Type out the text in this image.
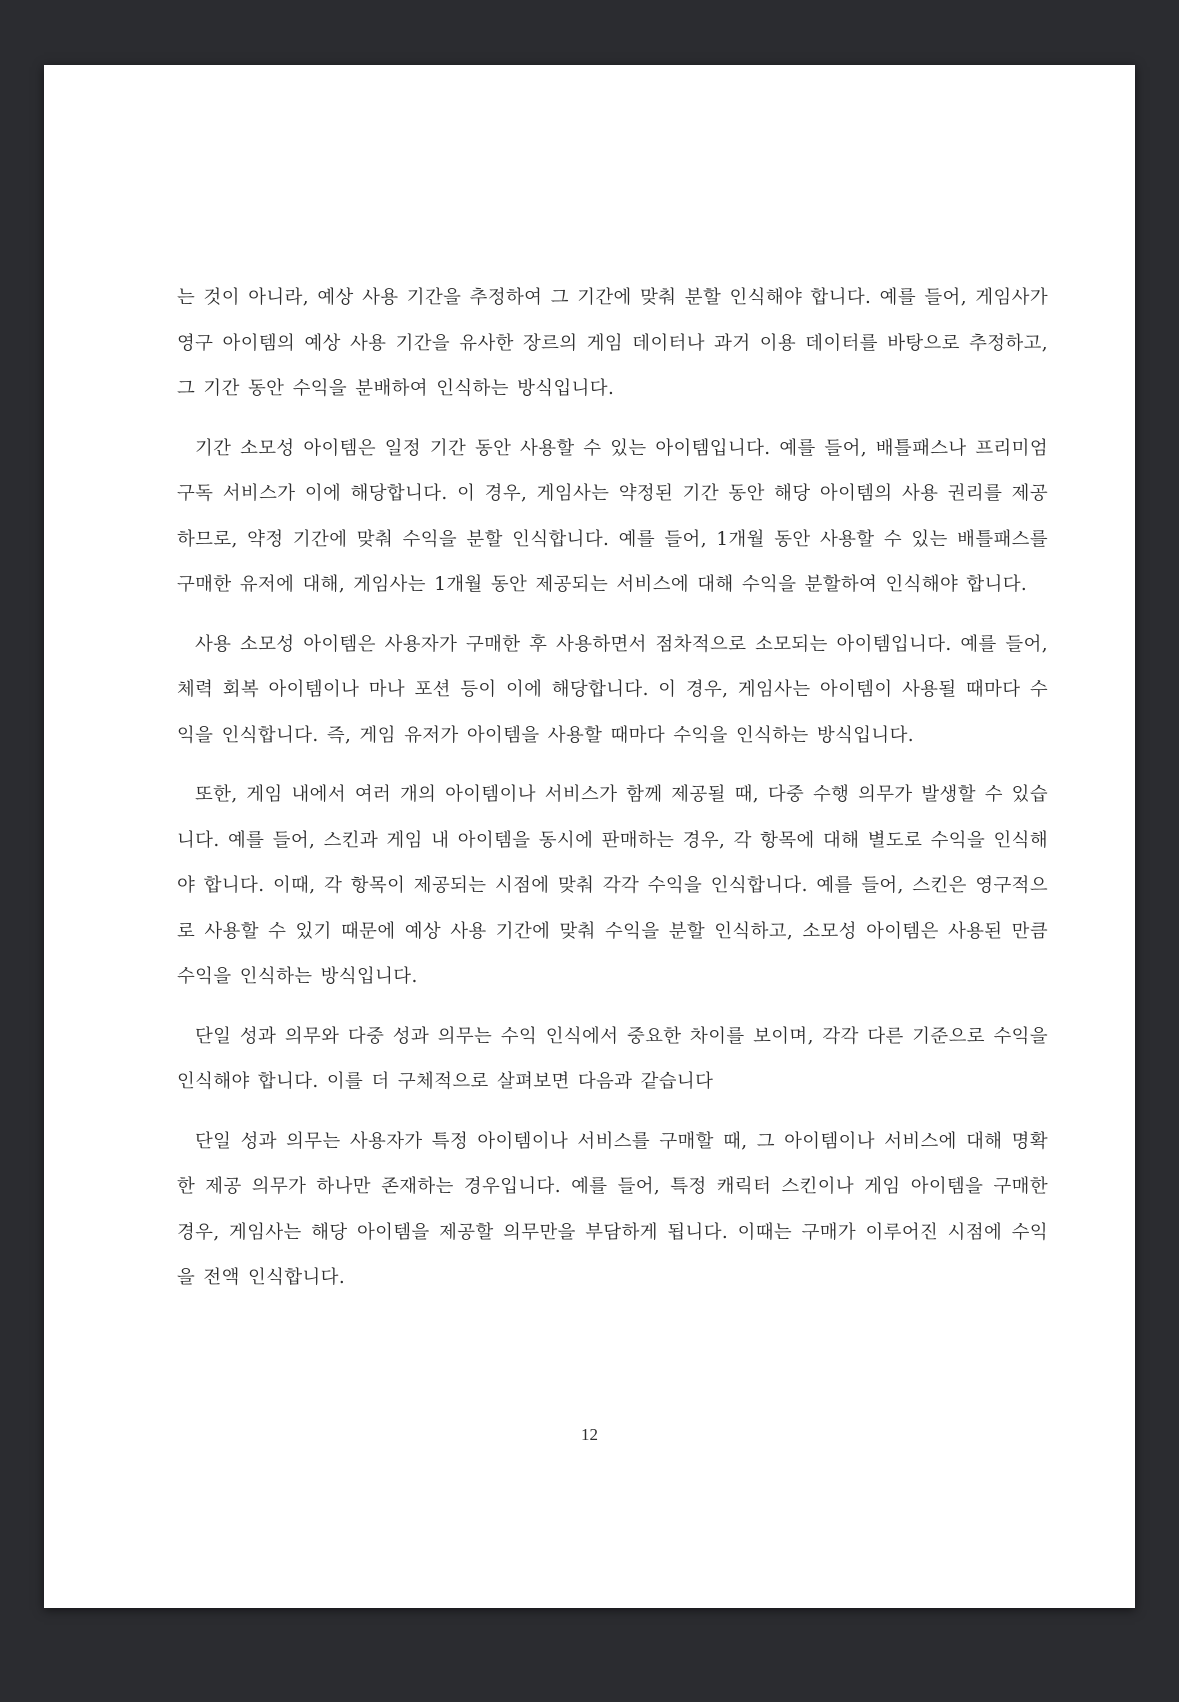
는 것이 아니라, 예상 사용 기간을 추정하여 그 기간에 맞춰 분할 인식해야 합니다. 예를 들어, 게임사가 영구 아이템의 예상 사용 기간을 유사한 장르의 게임 데이터나 과거 이용 데이터를 바탕으로 추정하고, 그 기간 동안 수익을 분배하여 인식하는 방식입니다.

기간 소모성 아이템은 일정 기간 동안 사용할 수 있는 아이템입니다. 예를 들어, 배틀패스나 프리미엄 구독 서비스가 이에 해당합니다. 이 경우, 게임사는 약정된 기간 동안 해당 아이템의 사용 권리를 제공하므로, 약정 기간에 맞춰 수익을 분할 인식합니다. 예를 들어, 1개월 동안 사용할 수 있는 배틀패스를 구매한 유저에 대해, 게임사는 1개월 동안 제공되는 서비스에 대해 수익을 분할하여 인식해야 합니다.

사용 소모성 아이템은 사용자가 구매한 후 사용하면서 점차적으로 소모되는 아이템입니다. 예를 들어, 체력 회복 아이템이나 마나 포션 등이 이에 해당합니다. 이 경우, 게임사는 아이템이 사용될 때마다 수익을 인식합니다. 즉, 게임 유저가 아이템을 사용할 때마다 수익을 인식하는 방식입니다.

또한, 게임 내에서 여러 개의 아이템이나 서비스가 함께 제공될 때, 다중 수행 의무가 발생할 수 있습니다. 예를 들어, 스킨과 게임 내 아이템을 동시에 판매하는 경우, 각 항목에 대해 별도로 수익을 인식해야 합니다. 이때, 각 항목이 제공되는 시점에 맞춰 각각 수익을 인식합니다. 예를 들어, 스킨은 영구적으로 사용할 수 있기 때문에 예상 사용 기간에 맞춰 수익을 분할 인식하고, 소모성 아이템은 사용된 만큼 수익을 인식하는 방식입니다.

단일 성과 의무와 다중 성과 의무는 수익 인식에서 중요한 차이를 보이며, 각각 다른 기준으로 수익을 인식해야 합니다. 이를 더 구체적으로 살펴보면 다음과 같습니다

단일 성과 의무는 사용자가 특정 아이템이나 서비스를 구매할 때, 그 아이템이나 서비스에 대해 명확한 제공 의무가 하나만 존재하는 경우입니다. 예를 들어, 특정 캐릭터 스킨이나 게임 아이템을 구매한 경우, 게임사는 해당 아이템을 제공할 의무만을 부담하게 됩니다. 이때는 구매가 이루어진 시점에 수익을 전액 인식합니다.

12
